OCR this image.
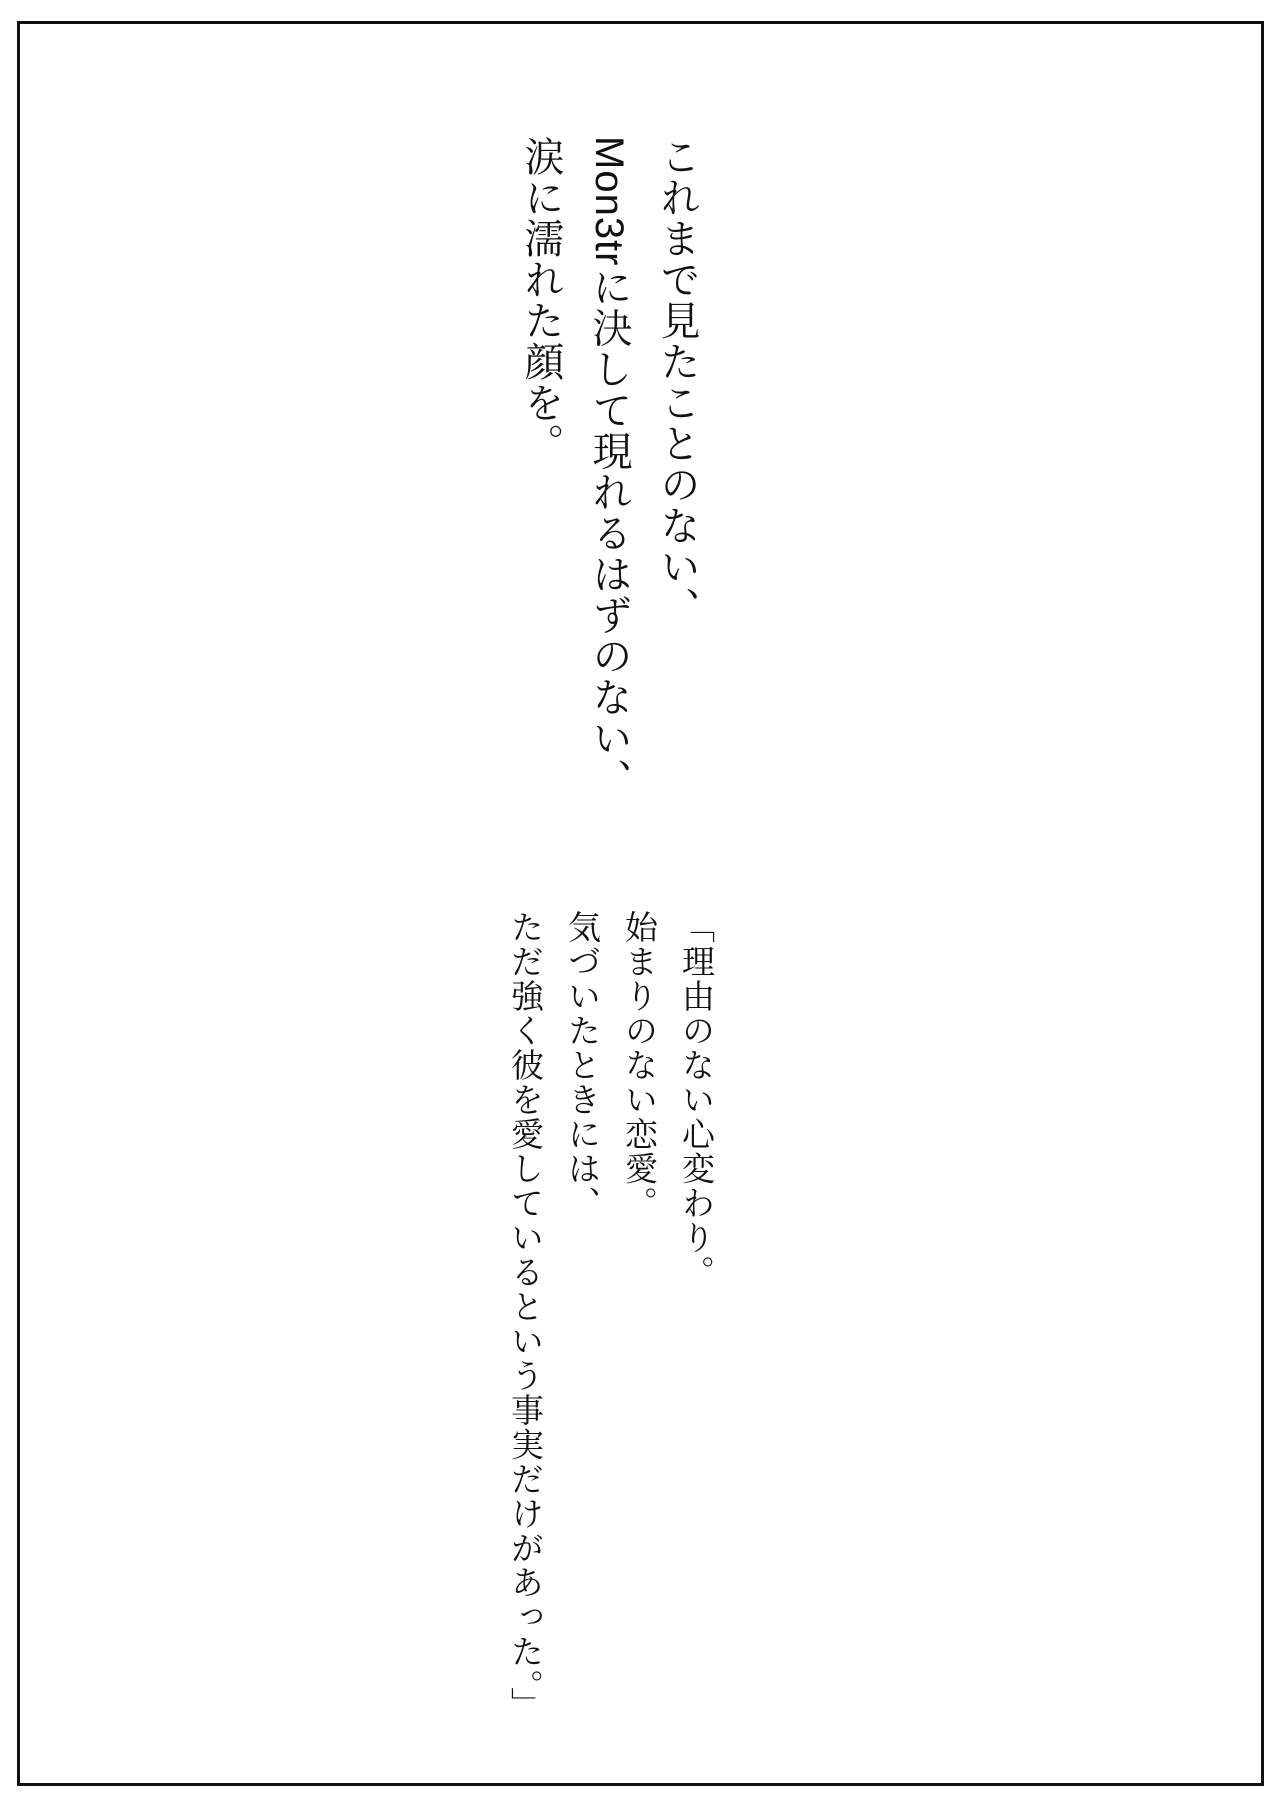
これまで見たことのない、

Mon3trに決して現れるはずのない、

涙に濡れた顔を。

「理由のない心変わり。

始まりのない恋愛。

気づいたときには、

ただ強く彼を愛しているという事実だけがあった。」
